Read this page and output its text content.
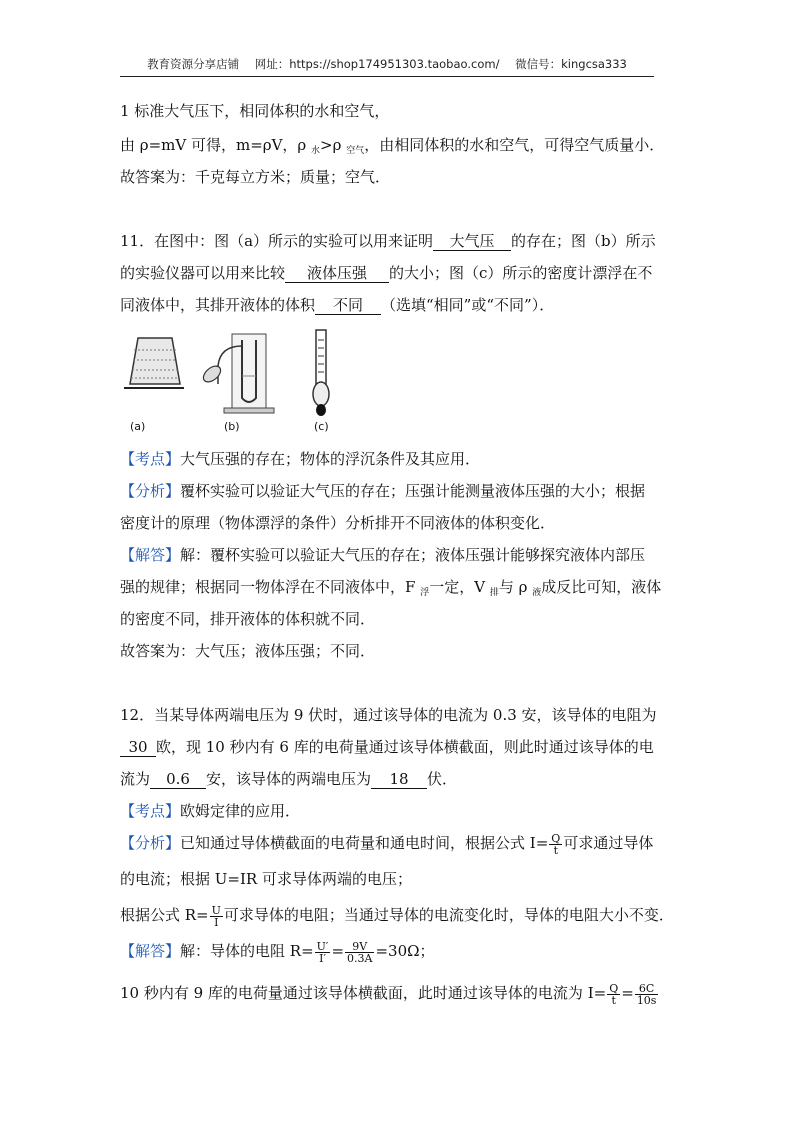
教育资源分享店铺 网址：https://shop174951303.taobao.com/ 微信号：kingcsa333
1 标准大气压下，相同体积的水和空气，
由 ρ=mV 可得，m=ρV，ρ $_水$>ρ $_{空气}$，由相同体积的水和空气，可得空气质量小．
故答案为：千克每立方米；质量；空气．
11．在图中：图（a）所示的实验可以用来证明 大气压 的存在；图（b）所示
的实验仪器可以用来比较 液体压强 的大小；图（c）所示的密度计漂浮在不
同液体中，其排开液体的体积 不同 （选填“相同”或“不同”）．
(a)	(b)	(c)
【考点】大气压强的存在；物体的浮沉条件及其应用．
【分析】覆杯实验可以验证大气压的存在；压强计能测量液体压强的大小；根据
密度计的原理（物体漂浮的条件）分析排开不同液体的体积变化．
【解答】解：覆杯实验可以验证大气压的存在；液体压强计能够探究液体内部压
强的规律；根据同一物体浮在不同液体中，F $_浮$一定，V $_排$与 ρ $_液$成反比可知，液体
的密度不同，排开液体的体积就不同．
故答案为：大气压；液体压强；不同．
12．当某导体两端电压为 9 伏时，通过该导体的电流为 0.3 安，该导体的电阻为
30 欧，现 10 秒内有 6 库的电荷量通过该导体横截面，则此时通过该导体的电
流为 0.6 安，该导体的两端电压为 18 伏．
【考点】欧姆定律的应用．
【分析】已知通过导体横截面的电荷量和通电时间，根据公式 $I= \frac{Q}{t}$ 可求通过导体
的电流；根据 U=IR 可求导体两端的电压；
根据公式 $R= \frac{U}{I}$ 可求导体的电阻；当通过导体的电流变化时，导体的电阻大小不变．
【解答】解：导体的电阻 $R= \frac{U'}{I'} = \frac{9V}{0.3A} =30\Omega$；
10 秒内有 9 库的电荷量通过该导体横截面，此时通过该导体的电流为 $I= \frac{Q}{t} = \frac{6C}{10s}$
